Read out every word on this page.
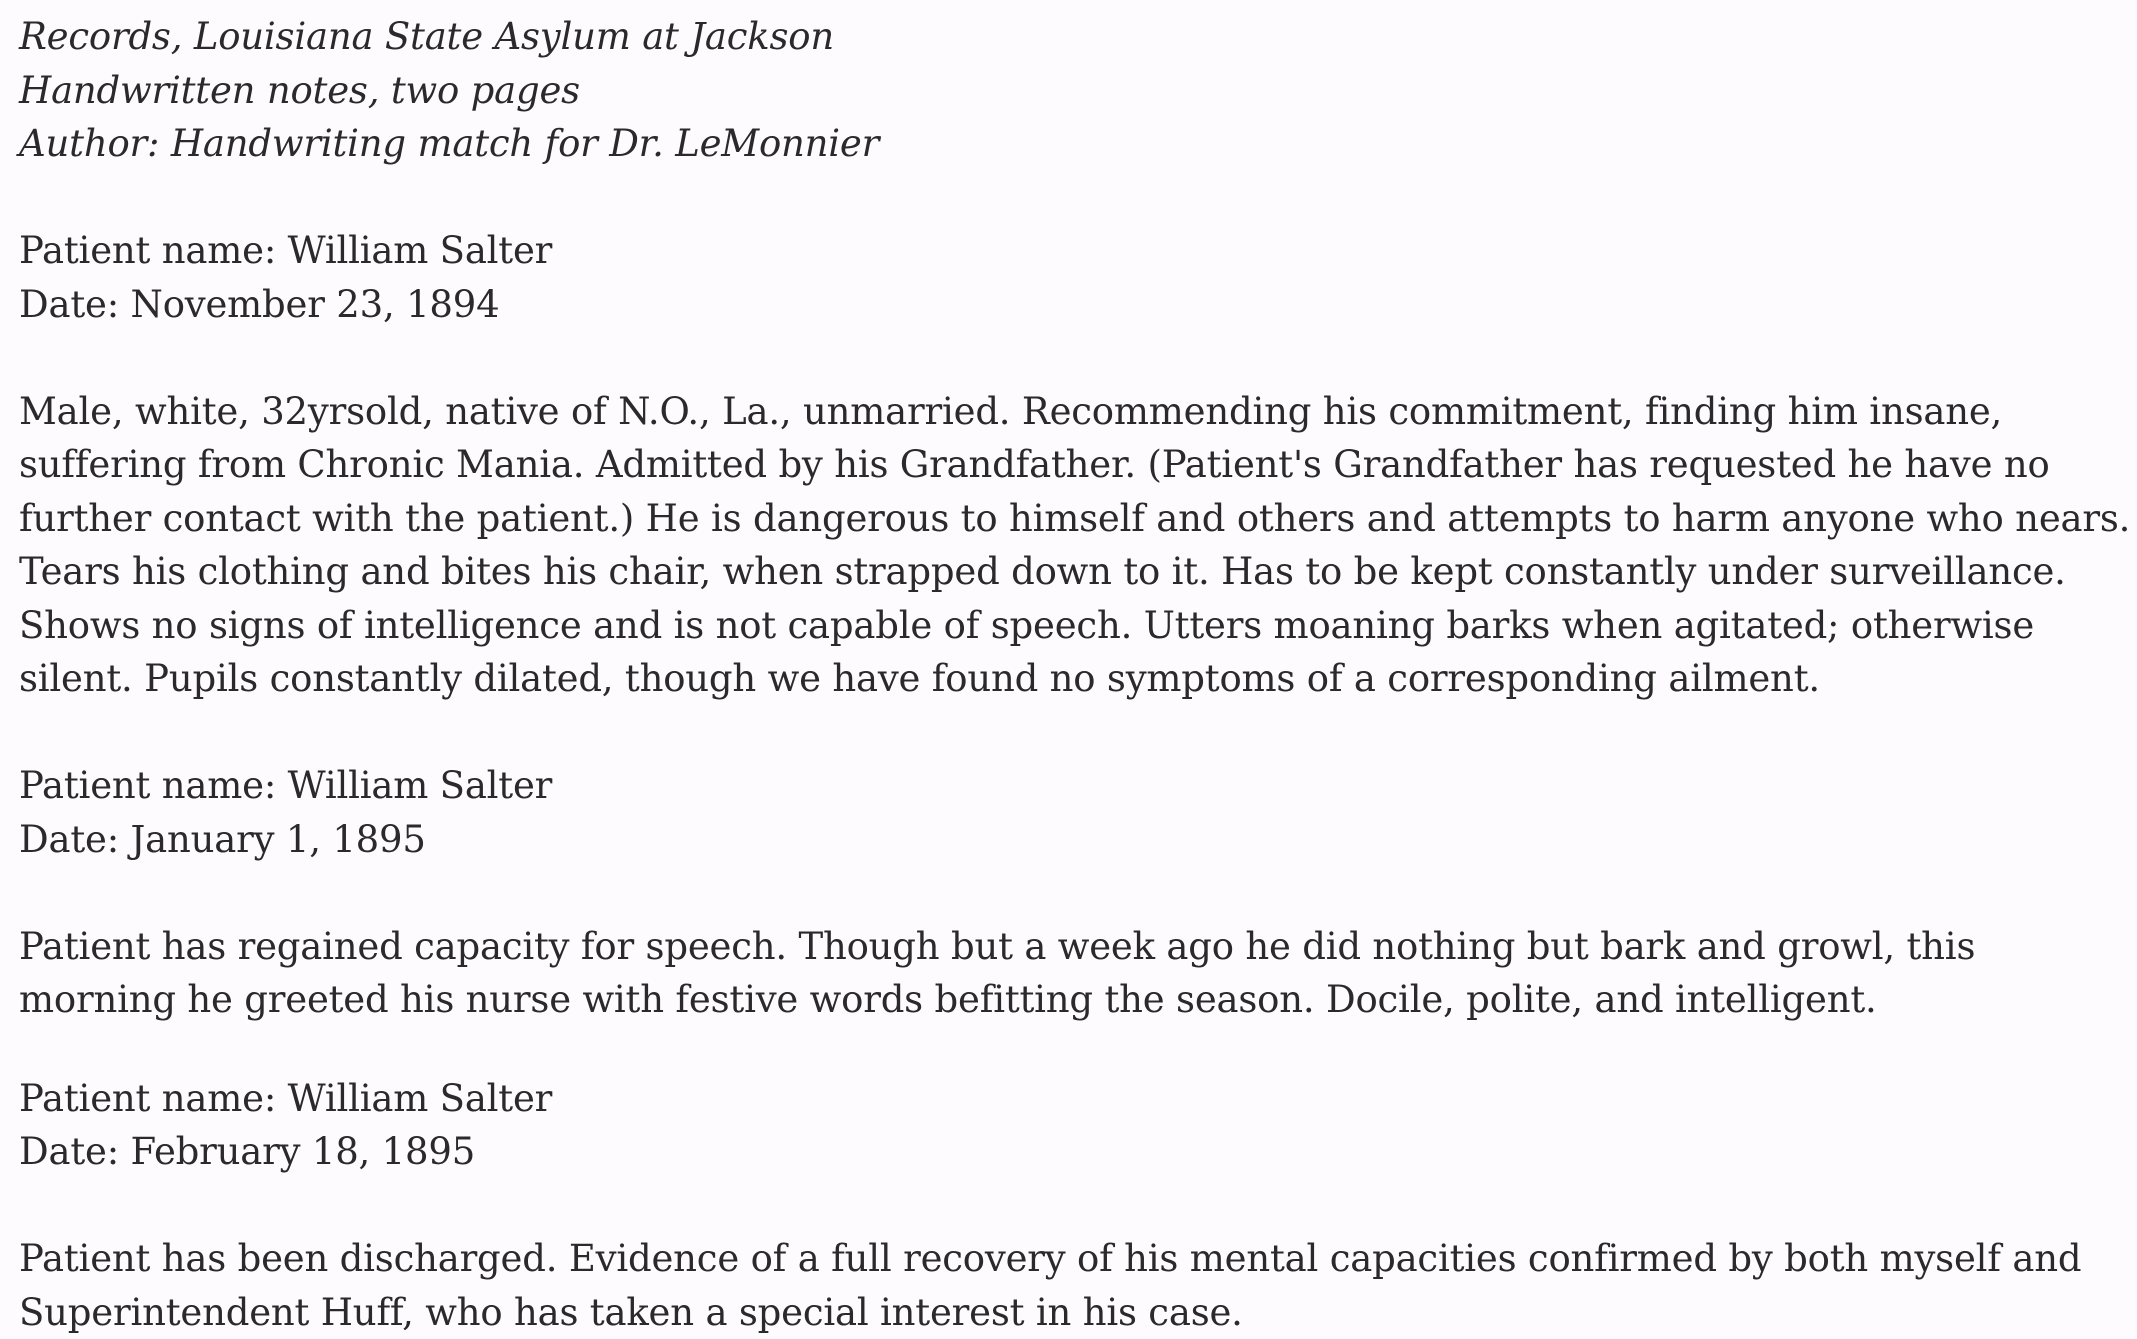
Records, Louisiana State Asylum at Jackson
Handwritten notes, two pages
Author: Handwriting match for Dr. LeMonnier
Patient name: William Salter
Date: November 23, 1894
Male, white, 32yrsold, native of N.O., La., unmarried. Recommending his commitment, finding him insane,
suffering from Chronic Mania. Admitted by his Grandfather. (Patient's Grandfather has requested he have no
further contact with the patient.) He is dangerous to himself and others and attempts to harm anyone who nears.
Tears his clothing and bites his chair, when strapped down to it. Has to be kept constantly under surveillance.
Shows no signs of intelligence and is not capable of speech. Utters moaning barks when agitated; otherwise
silent. Pupils constantly dilated, though we have found no symptoms of a corresponding ailment.
Patient name: William Salter
Date: January 1, 1895
Patient has regained capacity for speech. Though but a week ago he did nothing but bark and growl, this
morning he greeted his nurse with festive words befitting the season. Docile, polite, and intelligent.
Patient name: William Salter
Date: February 18, 1895
Patient has been discharged. Evidence of a full recovery of his mental capacities confirmed by both myself and
Superintendent Huff, who has taken a special interest in his case.
